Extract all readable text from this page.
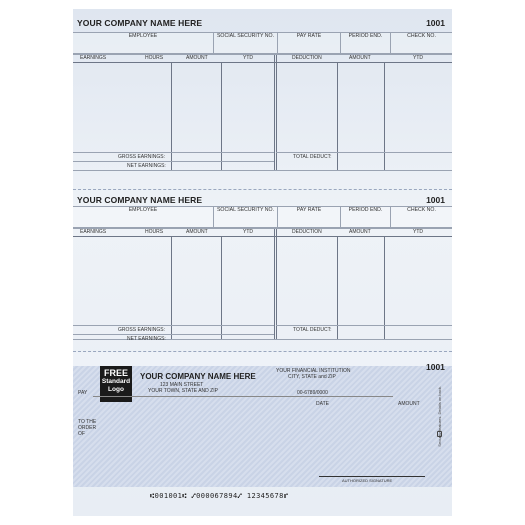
YOUR COMPANY NAME HERE	1001
EMPLOYEE	SOCIAL SECURITY NO.	PAY RATE	PERIOD END.	CHECK NO.
EARNINGS	HOURS	AMOUNT	YTD	DEDUCTION	AMOUNT	YTD
GROSS EARNINGS:
NET EARNINGS:
TOTAL DEDUCT:
YOUR COMPANY NAME HERE	1001
EMPLOYEE	SOCIAL SECURITY NO.	PAY RATE	PERIOD END.	CHECK NO.
EARNINGS	HOURS	AMOUNT	YTD	DEDUCTION	AMOUNT	YTD
GROSS EARNINGS:
NET EARNINGS:
TOTAL DEDUCT:
FREE
Standard
Logo
YOUR COMPANY NAME HERE
123 MAIN STREET
YOUR TOWN, STATE AND ZIP
YOUR FINANCIAL INSTITUTION
CITY, STATE and ZIP
00-6789/0000
1001
PAY
DATE	AMOUNT
TO THE
ORDER
OF
AUTHORIZED SIGNATURE
Security features. Details on back.
⑆001001⑆ ⑇000067894⑇ 12345678⑈
